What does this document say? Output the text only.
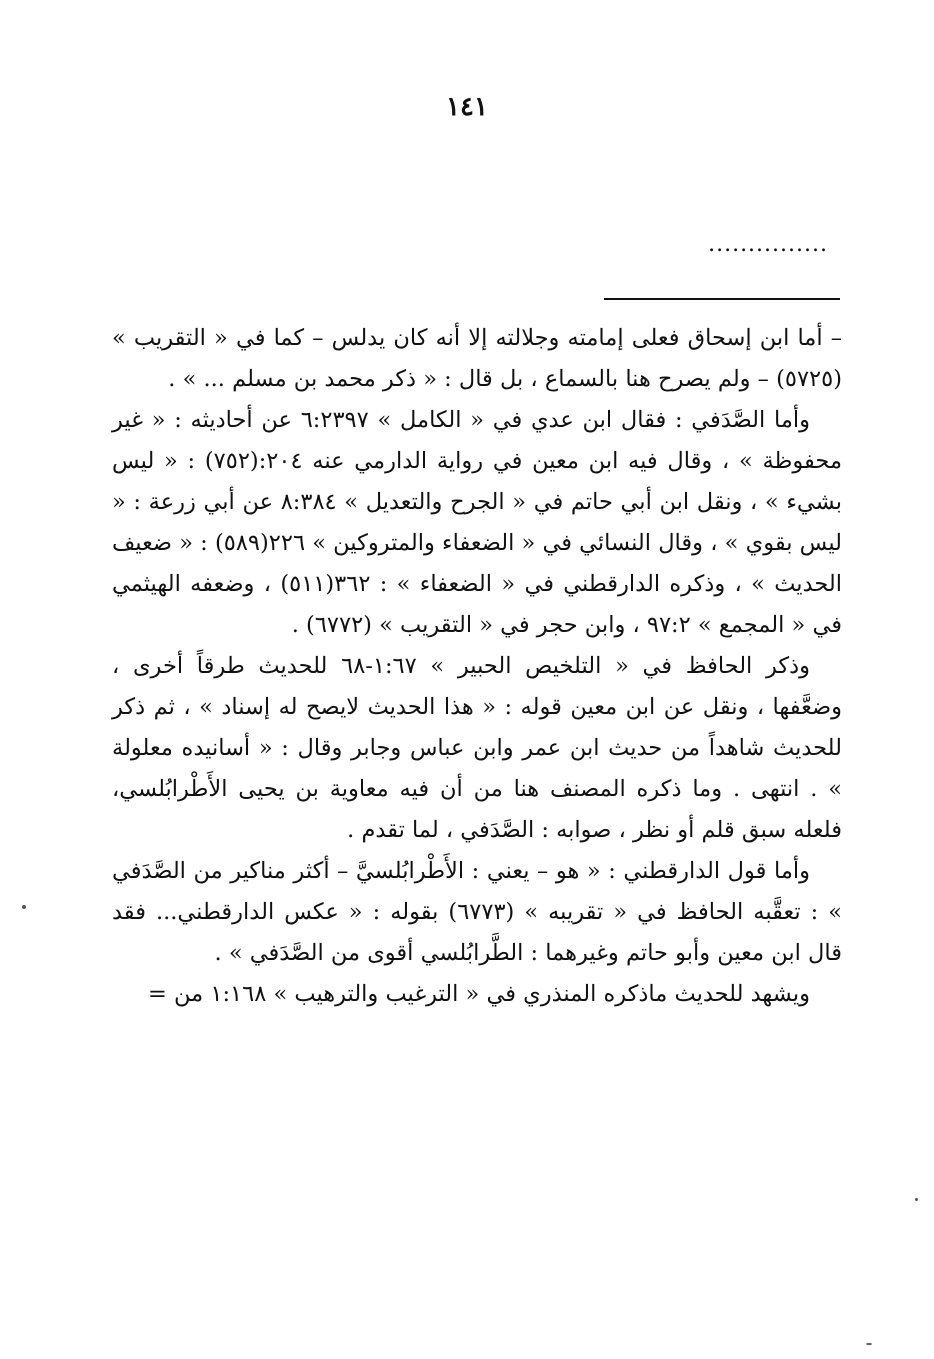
١٤١
...............

– أما ابن إسحاق فعلى إمامته وجلالته إلا أنه كان يدلس – كما في « التقريب » (٥٧٢٥) – ولم يصرح هنا بالسماع ، بل قال : « ذكر محمد بن مسلم ... » .

وأما الصَّدَفي : فقال ابن عدي في « الكامل » ٦:٢٣٩٧ عن أحاديثه : « غير محفوظة » ، وقال فيه ابن معين في رواية الدارمي عنه ٢٠٤:(٧٥٢) : « ليس بشيء » ، ونقل ابن أبي حاتم في « الجرح والتعديل » ٨:٣٨٤ عن أبي زرعة : « ليس بقوي » ، وقال النسائي في « الضعفاء والمتروكين » ٢٢٦(٥٨٩) : « ضعيف الحديث » ، وذكره الدارقطني في « الضعفاء » : ٣٦٢(٥١١) ، وضعفه الهيثمي في « المجمع » ٩٧:٢ ، وابن حجر في « التقريب » (٦٧٧٢) .

وذكر الحافظ في « التلخيص الحبير » ١:٦٧-٦٨ للحديث طرقاً أخرى ، وضعَّفها ، ونقل عن ابن معين قوله : « هذا الحديث لايصح له إسناد » ، ثم ذكر للحديث شاهداً من حديث ابن عمر وابن عباس وجابر وقال : « أسانيده معلولة » . انتهى . وما ذكره المصنف هنا من أن فيه معاوية بن يحيى الأَطْرابُلسي، فلعله سبق قلم أو نظر ، صوابه : الصَّدَفي ، لما تقدم .

وأما قول الدارقطني : « هو – يعني : الأَطْرابُلسيَّ – أكثر مناكير من الصَّدَفي » : تعقَّبه الحافظ في « تقريبه » (٦٧٧٣) بقوله : « عكس الدارقطني... فقد قال ابن معين وأبو حاتم وغيرهما : الطَّرابُلسي أقوى من الصَّدَفي » .

ويشهد للحديث ماذكره المنذري في « الترغيب والترهيب » ١:١٦٨ من =
